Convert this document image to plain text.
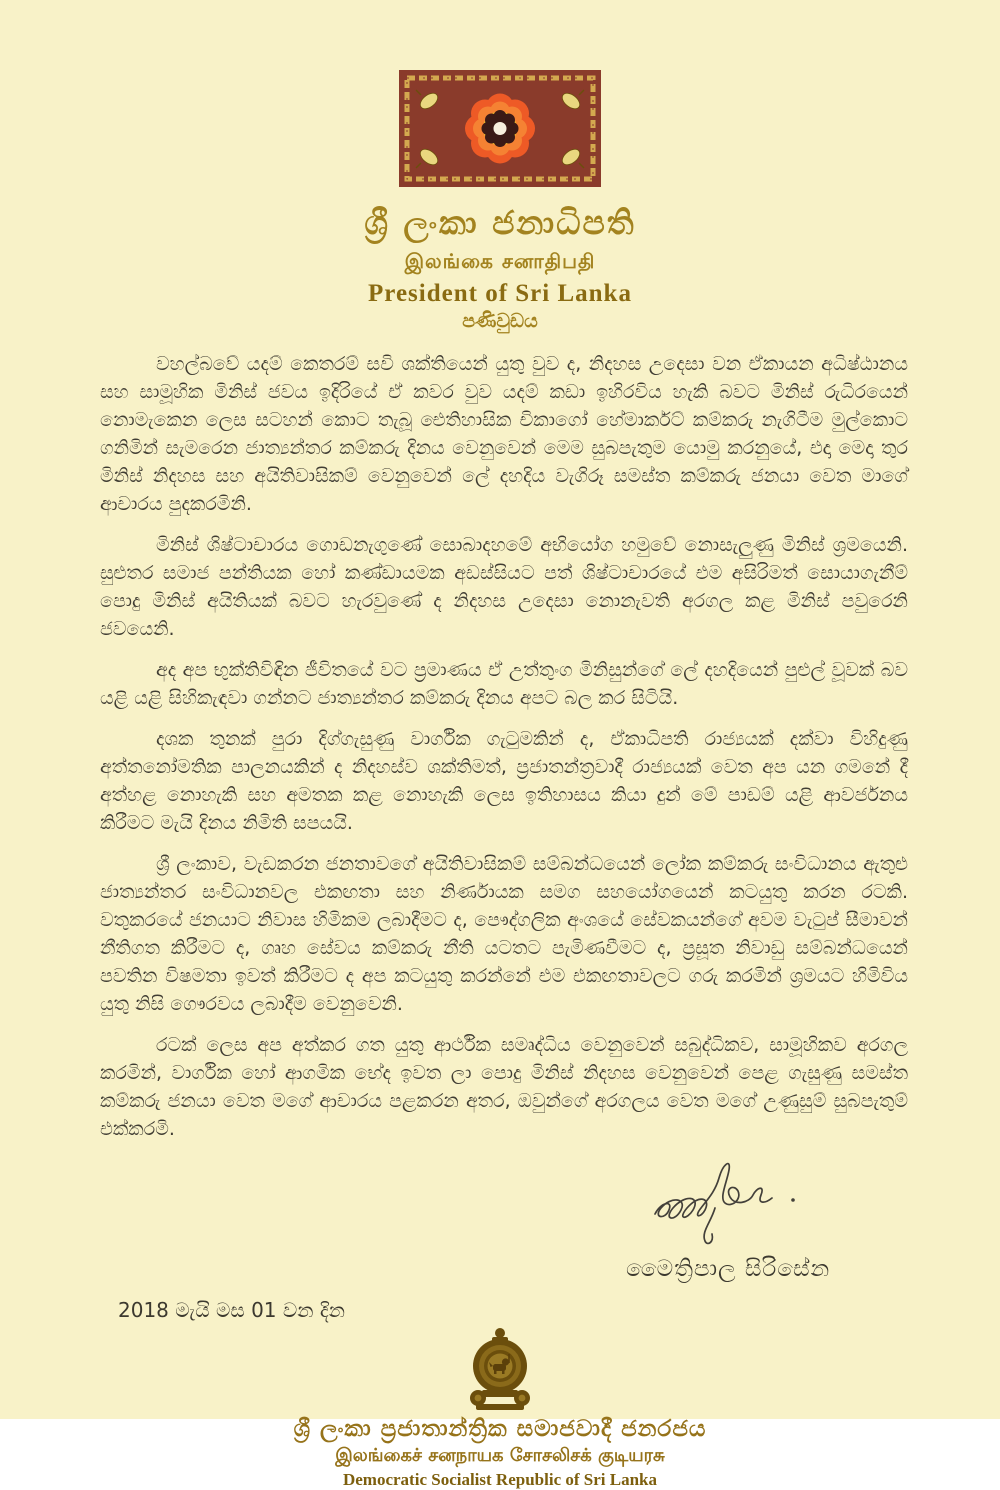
ශ්‍රී ලංකා ජනාධිපති
இலங்கை சனாதிபதி
President of Sri Lanka
පණිවුඩය

වහල්බවේ යදම් කෙතරම් සවි ශක්තියෙන් යුතු වුව ද, නිදහස උදෙසා වන ඒකායන අධිෂ්ඨානය සහ සාමූහික මිනිස් ජවය ඉදිරියේ ඒ කවර වුව යදම් කඩා ඉහිරවිය හැකි බවට මිනිස් රුධිරයෙන් නොමැකෙන ලෙස සටහන් කොට තැබූ ඓතිහාසික චිකාගෝ හේමාර්කට් කම්කරු නැගිටීම මුල්කොට ගනිමින් සැමරෙන ජාත්‍යන්තර කම්කරු දිනය වෙනුවෙන් මෙම සුබපැතුම යොමු කරනුයේ, එදා මෙදා තුර මිනිස් නිදහස සහ අයිතිවාසිකම් වෙනුවෙන් ලේ දහදිය වැගිරූ සමස්ත කම්කරු ජනයා වෙත මාගේ ආචාරය පුදකරමිනි.

මිනිස් ශිෂ්ටාචාරය ගොඩනැගුණේ සොබාදහමේ අභියෝග හමුවේ නොසැලුණු මිනිස් ශ්‍රමයෙනි. සුළුතර සමාජ පන්තියක හෝ කණ්ඩායමක අඩස්සියට පත් ශිෂ්ටාචාරයේ එම අසිරිමත් සොයාගැනීම් පොදු මිනිස් අයිතියක් බවට හැරවුණේ ද නිදහස උදෙසා නොනැවති අරගල කළ මිනිස් පවුරෙනි ජවයෙනි.

අද අප භුක්තිවිඳින ජීවිතයේ වට ප්‍රමාණය ඒ උත්තුංග මිනිසුන්ගේ ලේ දහදියෙන් පුළුල් වූවක් බව යළි යළි සිහිකැඳවා ගන්නට ජාත්‍යන්තර කම්කරු දිනය අපට බල කර සිටියි.

දශක තුනක් පුරා දිග්ගැසුණු වාර්ගික ගැටුමකින් ද, ඒකාධිපති රාජ්‍යයක් දක්වා විහිදුණු අත්තනෝමතික පාලනයකින් ද නිදහස්ව ශක්තිමත්, ප්‍රජාතන්ත්‍රවාදී රාජ්‍යයක් වෙත අප යන ගමනේ දී අත්හළ නොහැකි සහ අමතක කළ නොහැකි ලෙස ඉතිහාසය කියා දුන් මේ පාඩම් යළි ආවර්ජනය කිරීමට මැයි දිනය නිමිති සපයයි.

ශ්‍රී ලංකාව, වැඩකරන ජනතාවගේ අයිතිවාසිකම් සම්බන්ධයෙන් ලෝක කම්කරු සංවිධානය ඇතුළු ජාත්‍යන්තර සංවිධානවල එකඟතා සහ නිර්ණායක සමග සහයෝගයෙන් කටයුතු කරන රටකි. වතුකරයේ ජනයාට නිවාස හිමිකම ලබාදීමට ද, පෞද්ගලික අංශයේ සේවකයන්ගේ අවම වැටුප් සීමාවන් නීතිගත කිරීමට ද, ගෘහ සේවය කම්කරු නීති යටතට පැමිණවීමට ද, ප්‍රසූත නිවාඩු සම්බන්ධයෙන් පවතින විෂමතා ඉවත් කිරීමට ද අප කටයුතු කරන්නේ එම එකඟතාවලට ගරු කරමින් ශ්‍රමයට හිමිවිය යුතු නිසි ගෞරවය ලබාදීම වෙනුවෙනි.

රටක් ලෙස අප අත්කර ගත යුතු ආර්ථික සමෘද්ධිය වෙනුවෙන් සබුද්ධිකව, සාමූහිකව අරගල කරමින්, වාර්ගික හෝ ආගමික භේද ඉවත ලා පොදු මිනිස් නිදහස වෙනුවෙන් පෙළ ගැසුණු සමස්ත කම්කරු ජනයා වෙත මගේ ආචාරය පළකරන අතර, ඔවුන්ගේ අරගලය වෙත මගේ උණුසුම් සුබපැතුම් එක්කරමි.

මෛත්‍රිපාල සිරිසේන
2018 මැයි මස 01 වන දින
ශ්‍රී ලංකා ප්‍රජාතාන්ත්‍රික සමාජවාදී ජනරජය
இலங்கைச் சனநாயக சோசலிசக் குடியரசு
Democratic Socialist Republic of Sri Lanka
